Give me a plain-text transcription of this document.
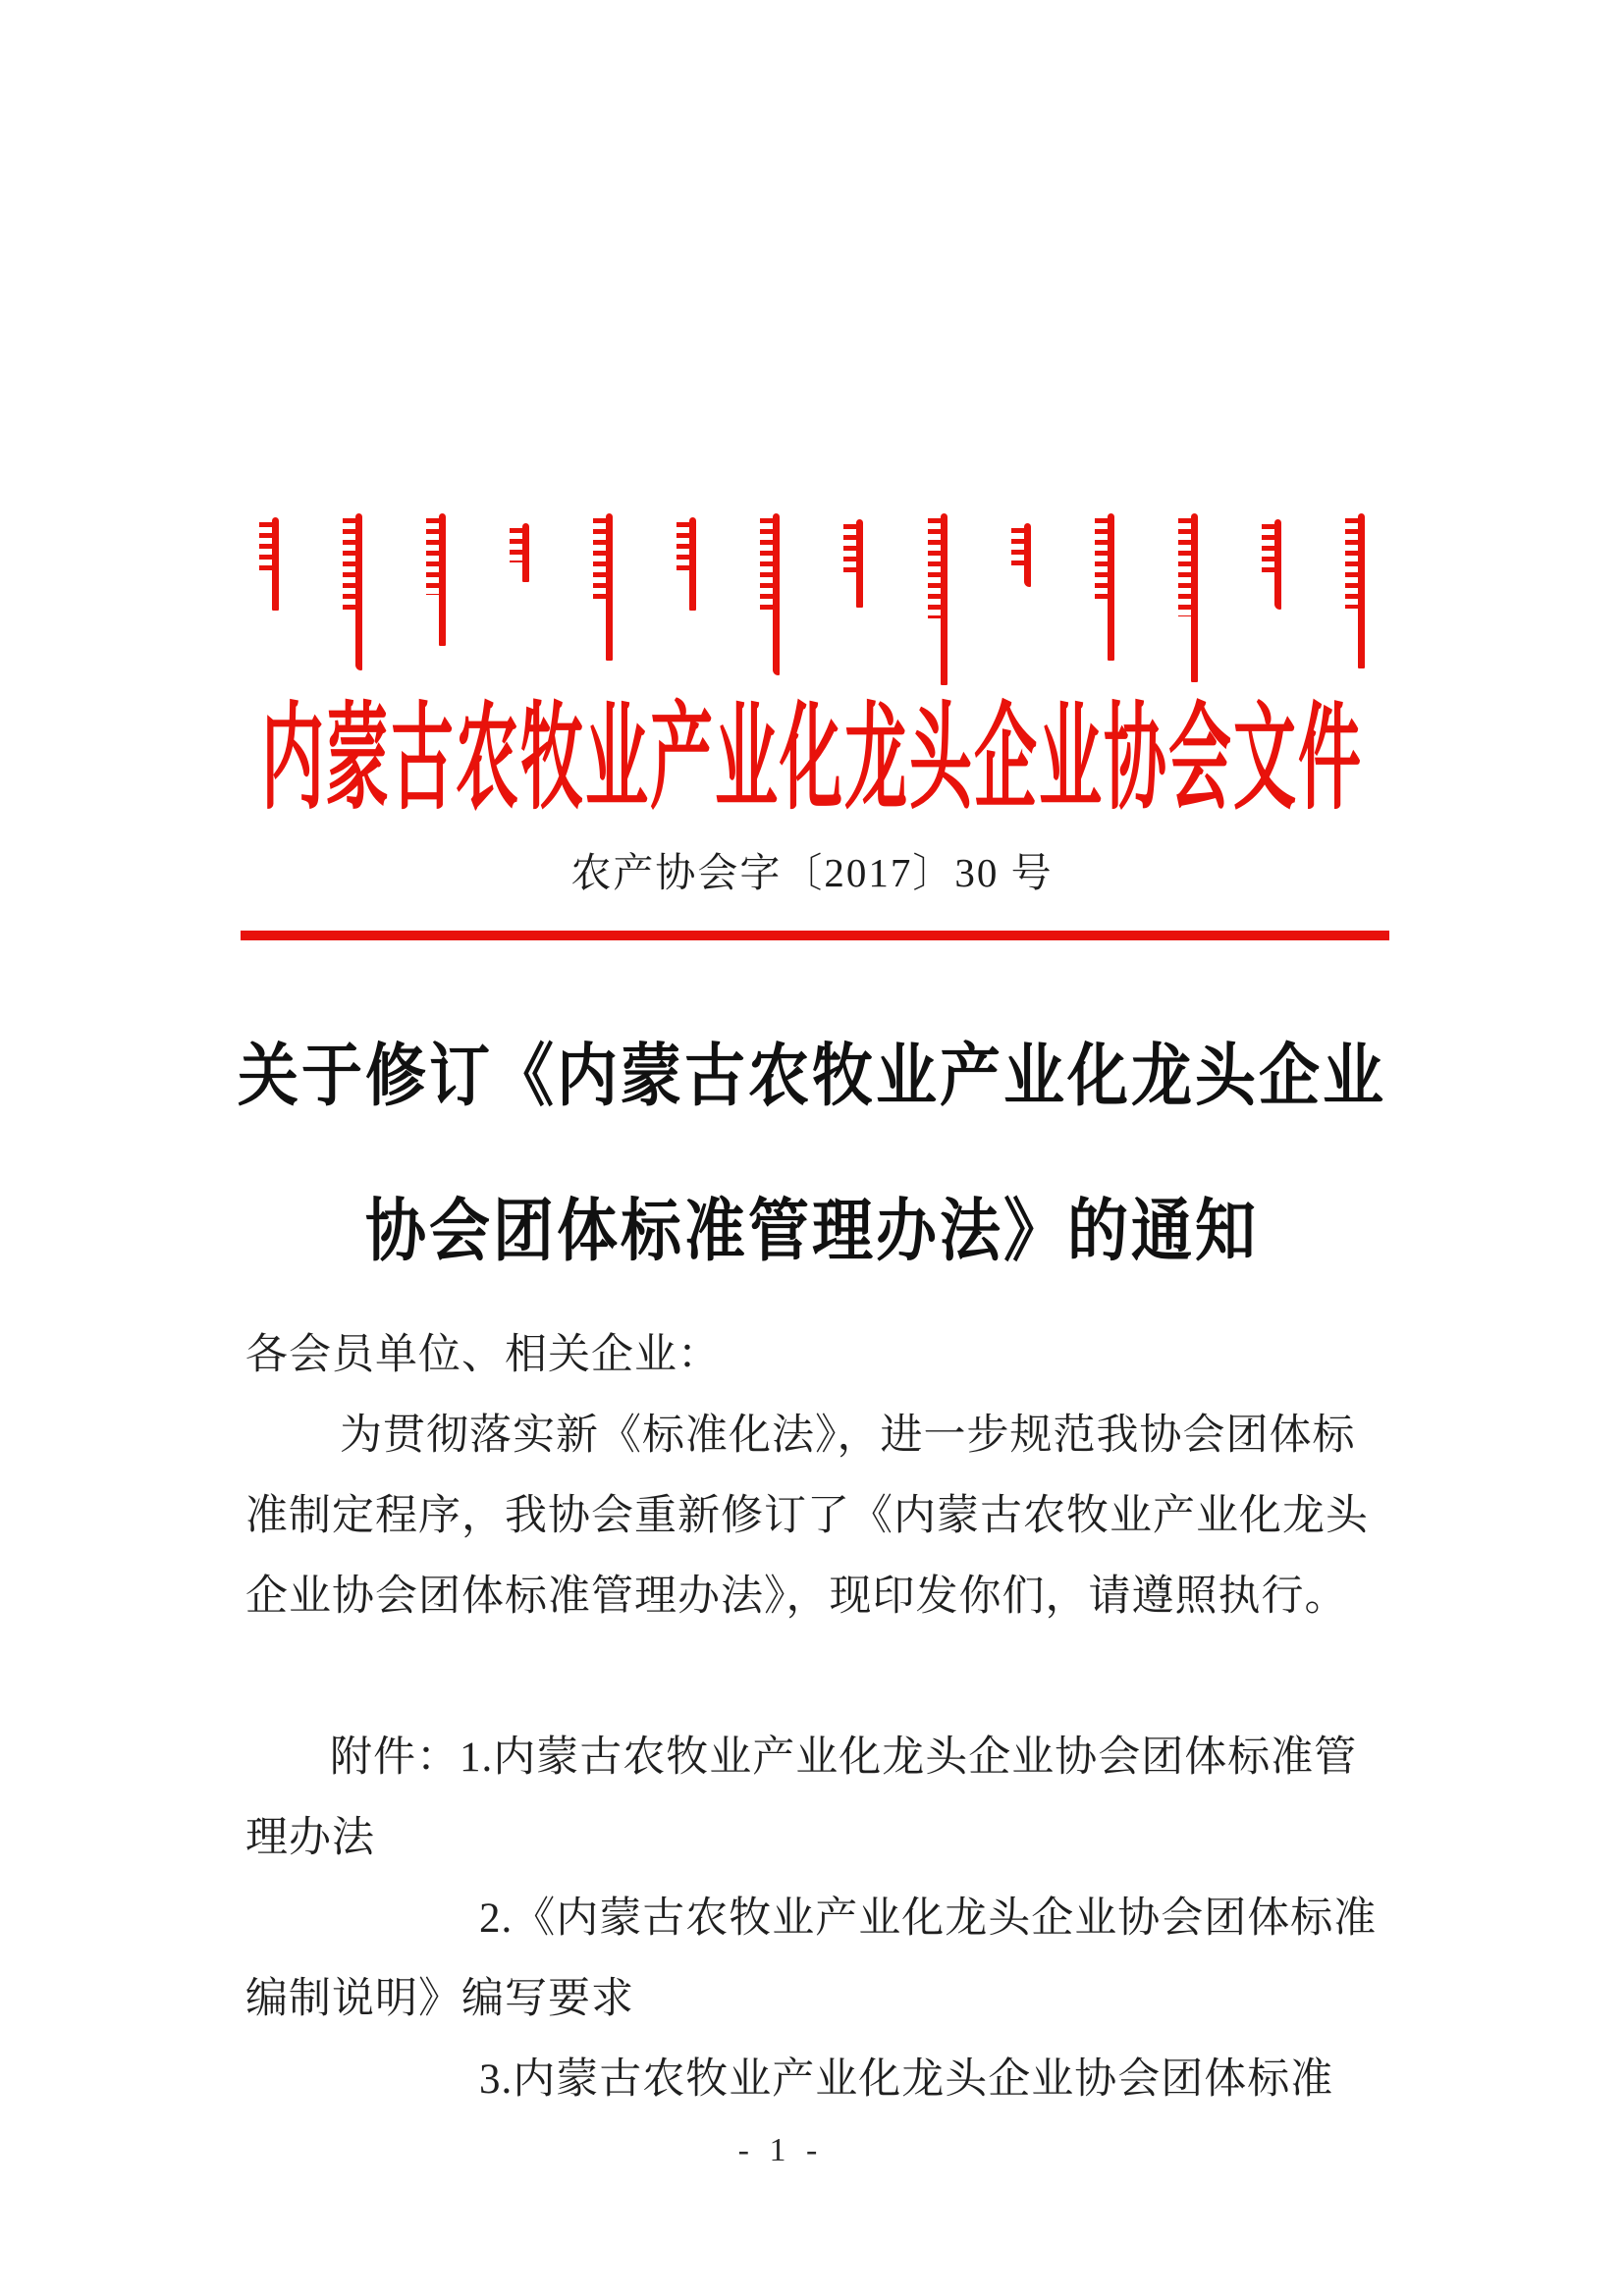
内蒙古农牧业产业化龙头企业协会文件
农产协会字〔2017〕30 号
关于修订《内蒙古农牧业产业化龙头企业
协会团体标准管理办法》的通知
各会员单位、相关企业：
为贯彻落实新《标准化法》，进一步规范我协会团体标
准制定程序，我协会重新修订了《内蒙古农牧业产业化龙头
企业协会团体标准管理办法》，现印发你们，请遵照执行。
附件：1.内蒙古农牧业产业化龙头企业协会团体标准管
理办法
2.《内蒙古农牧业产业化龙头企业协会团体标准
编制说明》编写要求
3.内蒙古农牧业产业化龙头企业协会团体标准
- 1 -
